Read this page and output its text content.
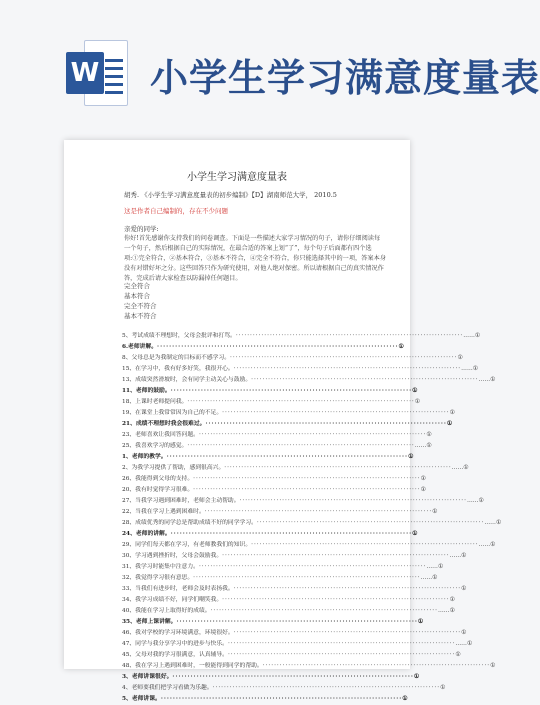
W 小学生学习满意度量表
小学生学习满意度量表
胡秀. 《小学生学习满意度量表的初步编制》【D】湖南师范大学， 2010.5
这是作者自己编制的，存在不少问题
亲爱的同学:
你好!首先感谢你支持我们的问卷调查。下面是一些描述大家学习情况的句子，请你仔细阅读每一个句子，然后根据自己的实际情况，在最合适的答案上划“了”，每个句子后面都有四个选项:①完全符合，②基本符合，③基本不符合，④完全不符合，你只能选择其中的一项，答案本身没有对错好坏之分。这些回答只作为研究使用，对他人绝对保密。所以请根据自己的真实情况作答，完成后请大家检查以防漏掉任何题目。
完全符合
基本符合
完全不符合
基本不符合
5、考试成绩不理想时，父母会批评和打骂。 ················································································ ……①
6.老师讲解。 ················································································ ①
8、父母总是为我制定的目标而不感学习。 ················································································ ①
15、在学习中，我有好多好笑，我很开心。 ················································································ ……①
13、成绩突然滑坡时，会有同学主动关心与鼓励。 ················································································ ……①
11、老师的鼓励。 ················································································ ①
18、上课时老师提问我。 ················································································ ①
19、在课堂上我常常因为自己的不足。 ················································································ ①
21、成绩不理想时我会很难过。 ················································································ ①
23、老师喜欢让我回答问题。 ················································································ ①
25、我喜欢学习的感觉。 ················································································ ……①
1、老师的教学。 ················································································ ①
2、为我学习提供了帮助，感到很高兴。 ················································································ ……①
26、我能得到父母的支持。 ················································································ ①
20、我有时觉得学习很难。 ················································································ ①
27、当我学习遇到困难时，老师会主动帮助。 ················································································ ……①
22、当我在学习上遇到困难时。 ················································································ ①
28、成绩优秀的同学总是帮助成绩不好的同学学习。 ················································································ ……①
24、老师的讲解。 ················································································ ①
29、同学们每天都在学习，有老师教我们的知识。 ················································································ ……①
30、学习遇到挫折时，父母会鼓励我。 ················································································ ……①
31、我学习时能集中注意力。 ················································································ ……①
32、我觉得学习很有意思。 ················································································ ……①
33、当我们有进步时，老师会及时表扬我。 ················································································ ①
34、我学习成绩不好，同学们嘲笑我。 ················································································ ①
40、我能在学习上取得好的成绩。 ················································································ ……①
35、老师上课讲解。 ················································································ ①
46、我对学校的学习环境满意，环境很好。 ················································································ ①
47、同学与我分享学习中的进步与快乐。 ················································································ ……①
45、父母对我的学习很满意，认真辅导。 ················································································ ①
48、我在学习上遇到困难时，一般能得到同学的帮助。 ················································································ ①
3、老师讲课很好。 ················································································ ①
4、老师要我们把学习看做为乐趣。 ················································································ ①
5、老师讲课。 ················································································ ①
